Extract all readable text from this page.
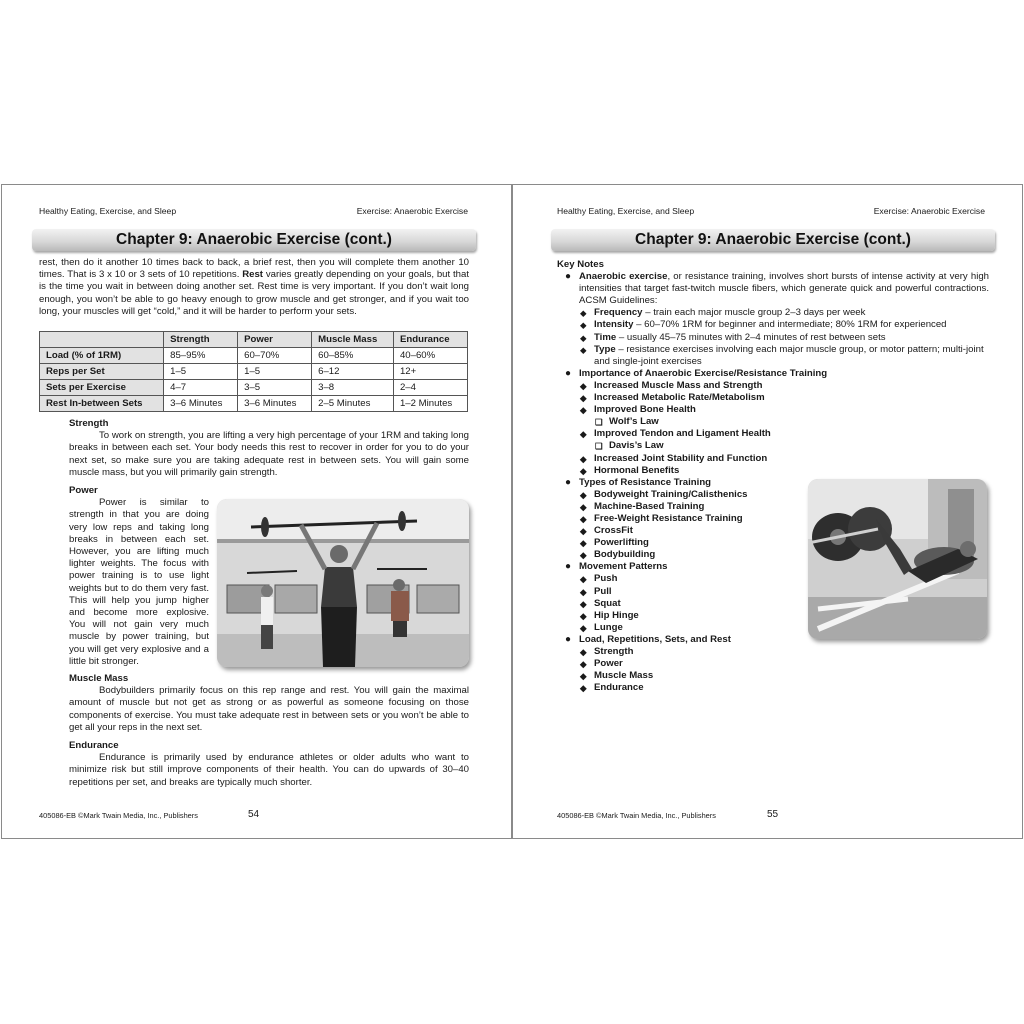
Healthy Eating, Exercise, and Sleep	Exercise: Anaerobic Exercise
Chapter 9: Anaerobic Exercise (cont.)

rest, then do it another 10 times back to back, a brief rest, then you will complete them another 10 times. That is 3 x 10 or 3 sets of 10 repetitions. Rest varies greatly depending on your goals, but that is the time you wait in between doing another set. Rest time is very important. If you don’t wait long enough, you won’t be able to go heavy enough to grow muscle and get stronger, and if you wait too long, your muscles will get “cold,” and it will be harder to perform your sets.

	Strength	Power	Muscle Mass	Endurance
Load (% of 1RM)	85–95%	60–70%	60–85%	40–60%
Reps per Set	1–5	1–5	6–12	12+
Sets per Exercise	4–7	3–5	3–8	2–4
Rest In-between Sets	3–6 Minutes	3–6 Minutes	2–5 Minutes	1–2 Minutes
Strength

To work on strength, you are lifting a very high percentage of your 1RM and taking long breaks in between each set. Your body needs this rest to recover in order for you to do your next set, so make sure you are taking adequate rest in between sets. You will gain some muscle mass, but you will primarily gain strength.

Power

Power is similar to strength in that you are doing very low reps and taking long breaks in between each set. However, you are lifting much lighter weights. The focus with power training is to use light weights but to do them very fast. This will help you jump higher and become more explosive. You will not gain very much muscle by power training, but you will get very explosive and a little bit stronger.

Muscle Mass

Bodybuilders primarily focus on this rep range and rest. You will gain the maximal amount of muscle but not get as strong or as powerful as someone focusing on those components of exercise. You must take adequate rest in between sets or you won’t be able to get all your reps in the next set.

Endurance

Endurance is primarily used by endurance athletes or older adults who want to minimize risk but still improve components of their health. You can do upwards of 30–40 repetitions per set, and breaks are typically much shorter.

405086-EB ©Mark Twain Media, Inc., Publishers	54
Healthy Eating, Exercise, and Sleep	Exercise: Anaerobic Exercise
Chapter 9: Anaerobic Exercise (cont.)
Key Notes
● Anaerobic exercise, or resistance training, involves short bursts of intense activity at very high intensities that target fast-twitch muscle fibers, which generate quick and powerful contractions. ACSM Guidelines:
◆ Frequency – train each major muscle group 2–3 days per week
◆ Intensity – 60–70% 1RM for beginner and intermediate; 80% 1RM for experienced
◆ Time – usually 45–75 minutes with 2–4 minutes of rest between sets
◆ Type – resistance exercises involving each major muscle group, or motor pattern; multi-joint and single-joint exercises
● Importance of Anaerobic Exercise/Resistance Training
◆ Increased Muscle Mass and Strength
◆ Increased Metabolic Rate/Metabolism
◆ Improved Bone Health
❏ Wolf’s Law
◆ Improved Tendon and Ligament Health
❏ Davis’s Law
◆ Increased Joint Stability and Function
◆ Hormonal Benefits
● Types of Resistance Training
◆ Bodyweight Training/Calisthenics
◆ Machine-Based Training
◆ Free-Weight Resistance Training
◆ CrossFit
◆ Powerlifting
◆ Bodybuilding
● Movement Patterns
◆ Push
◆ Pull
◆ Squat
◆ Hip Hinge
◆ Lunge
● Load, Repetitions, Sets, and Rest
◆ Strength
◆ Power
◆ Muscle Mass
◆ Endurance
405086-EB ©Mark Twain Media, Inc., Publishers	55
